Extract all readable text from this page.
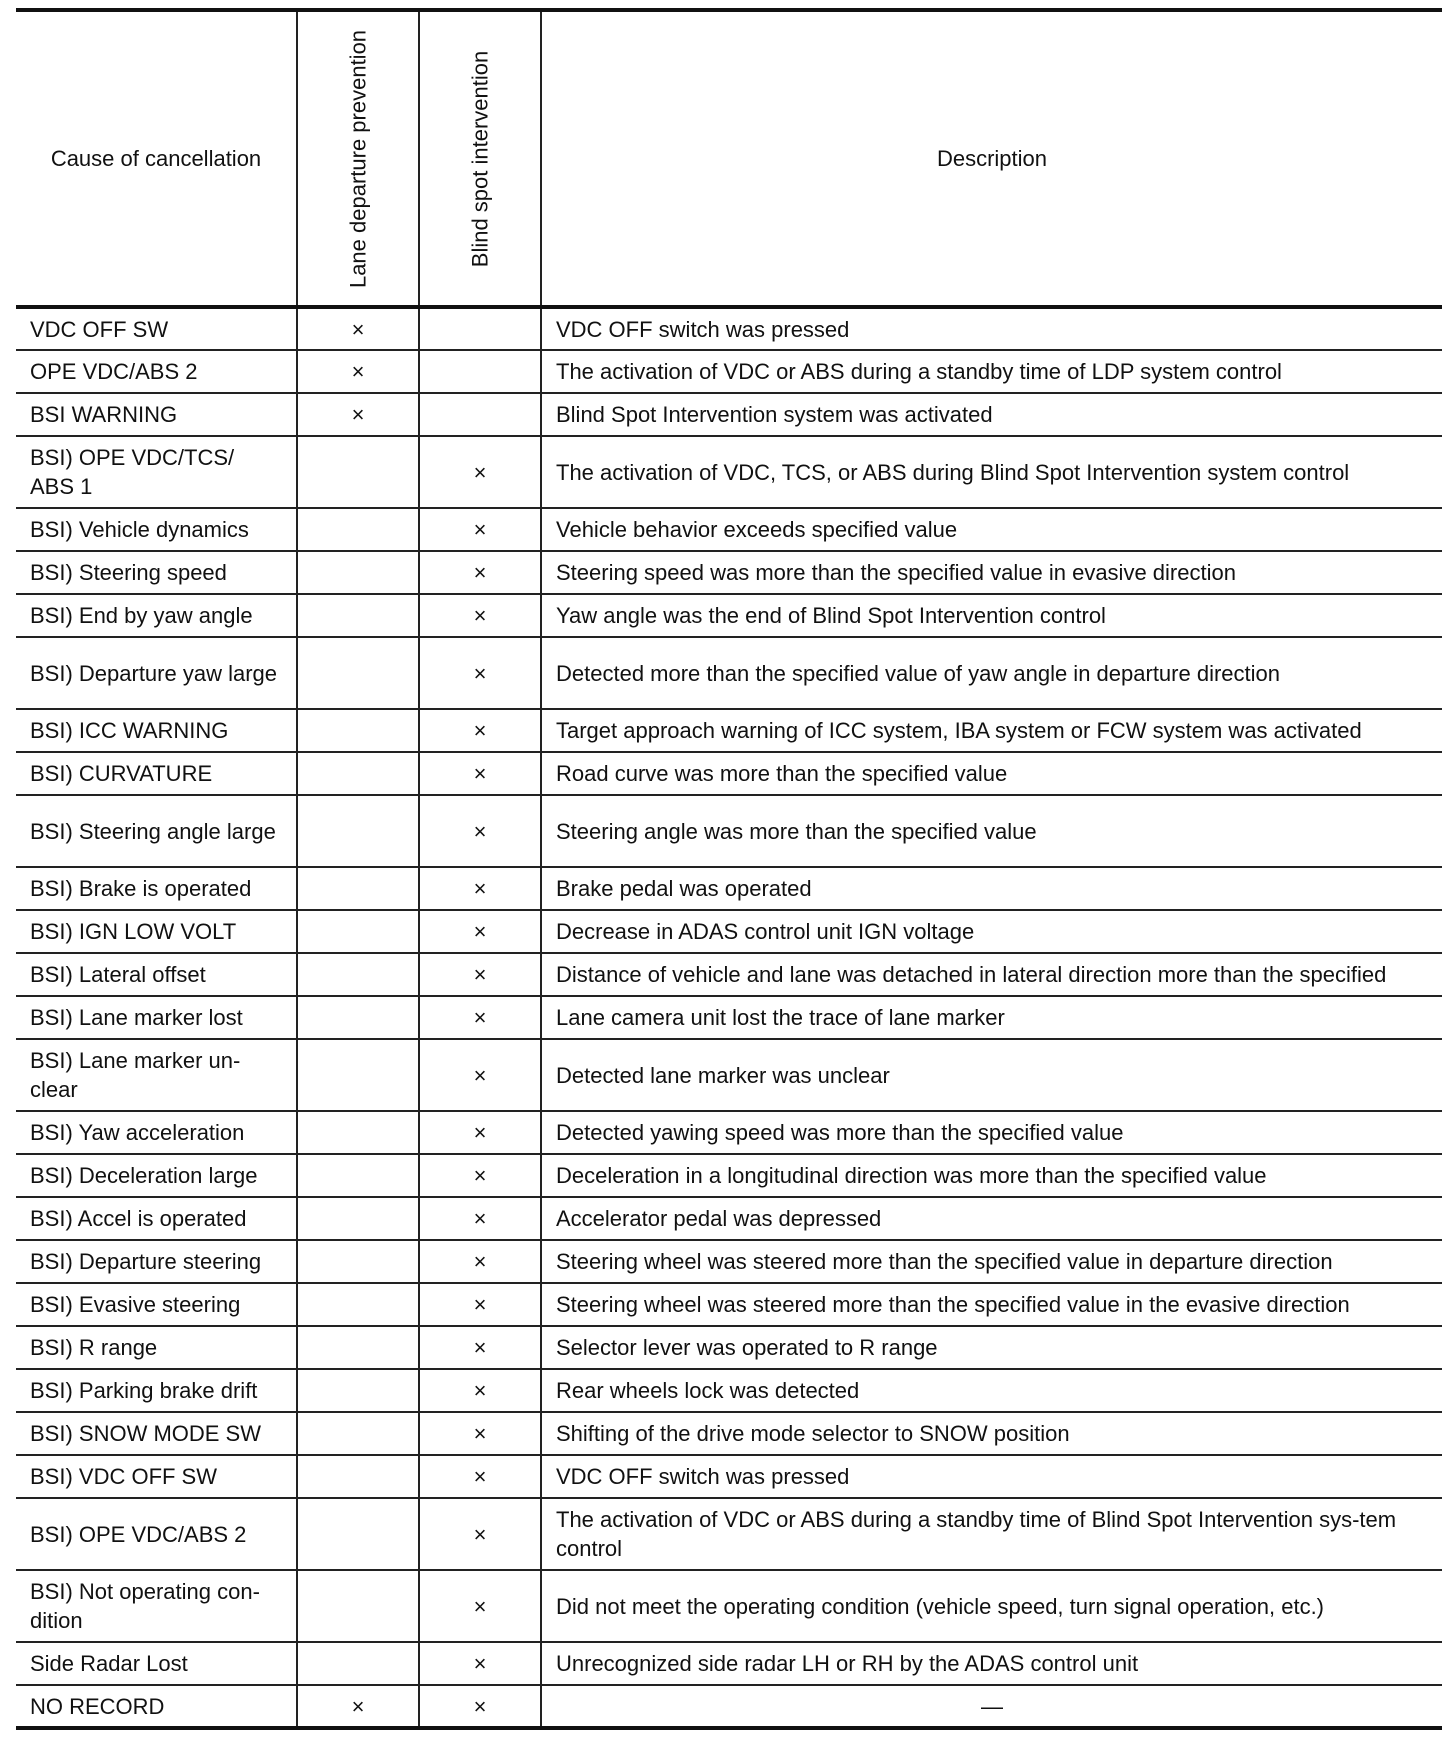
Cause of cancellation	Lane departure prevention	Blind spot intervention	Description
VDC OFF SW	×		VDC OFF switch was pressed
OPE VDC/ABS 2	×		The activation of VDC or ABS during a standby time of LDP system control
BSI WARNING	×		Blind Spot Intervention system was activated
BSI) OPE VDC/TCS/ ABS 1		×	The activation of VDC, TCS, or ABS during Blind Spot Intervention system control
BSI) Vehicle dynamics		×	Vehicle behavior exceeds specified value
BSI) Steering speed		×	Steering speed was more than the specified value in evasive direction
BSI) End by yaw angle		×	Yaw angle was the end of Blind Spot Intervention control
BSI) Departure yaw large		×	Detected more than the specified value of yaw angle in departure direction
BSI) ICC WARNING		×	Target approach warning of ICC system, IBA system or FCW system was activated
BSI) CURVATURE		×	Road curve was more than the specified value
BSI) Steering angle large		×	Steering angle was more than the specified value
BSI) Brake is operated		×	Brake pedal was operated
BSI) IGN LOW VOLT		×	Decrease in ADAS control unit IGN voltage
BSI) Lateral offset		×	Distance of vehicle and lane was detached in lateral direction more than the specified
BSI) Lane marker lost		×	Lane camera unit lost the trace of lane marker
BSI) Lane marker un-clear		×	Detected lane marker was unclear
BSI) Yaw acceleration		×	Detected yawing speed was more than the specified value
BSI) Deceleration large		×	Deceleration in a longitudinal direction was more than the specified value
BSI) Accel is operated		×	Accelerator pedal was depressed
BSI) Departure steering		×	Steering wheel was steered more than the specified value in departure direction
BSI) Evasive steering		×	Steering wheel was steered more than the specified value in the evasive direction
BSI) R range		×	Selector lever was operated to R range
BSI) Parking brake drift		×	Rear wheels lock was detected
BSI) SNOW MODE SW		×	Shifting of the drive mode selector to SNOW position
BSI) VDC OFF SW		×	VDC OFF switch was pressed
BSI) OPE VDC/ABS 2		×	The activation of VDC or ABS during a standby time of Blind Spot Intervention sys-tem control
BSI) Not operating con-dition		×	Did not meet the operating condition (vehicle speed, turn signal operation, etc.)
Side Radar Lost		×	Unrecognized side radar LH or RH by the ADAS control unit
NO RECORD	×	×	—
